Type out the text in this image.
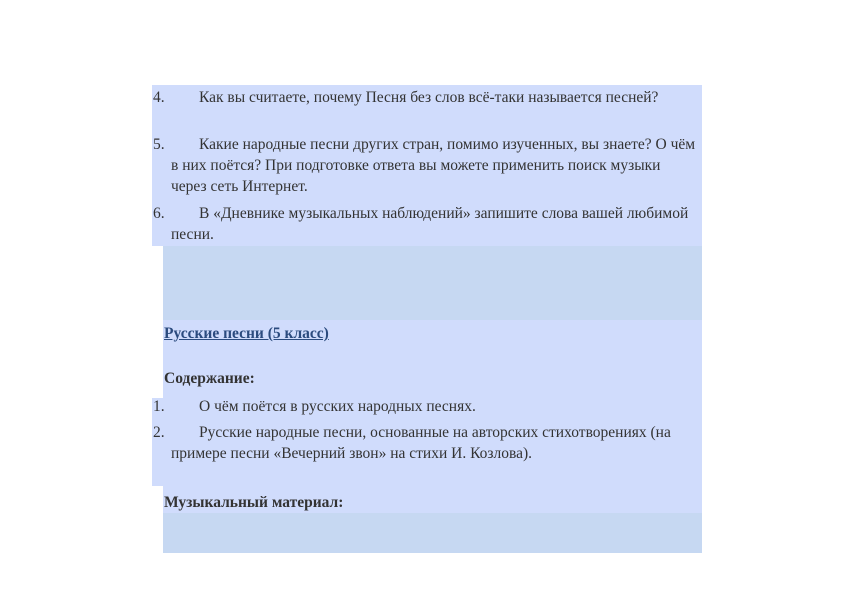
4.	Как вы считаете, почему Песня без слов всё-таки называется песней?
5.	Какие народные песни других стран, помимо изученных, вы знаете? О чём в них поётся? При подготовке ответа вы можете применить поиск музыки через сеть Интернет.
6.	В «Дневнике музыкальных наблюдений» запишите слова вашей любимой песни.
Русские песни (5 класс)
Содержание:
1.	О чём поётся в русских народных песнях.
2.	Русские народные песни, основанные на авторских стихотворениях (на примере песни «Вечерний звон» на стихи И. Козлова).
Музыкальный материал:
